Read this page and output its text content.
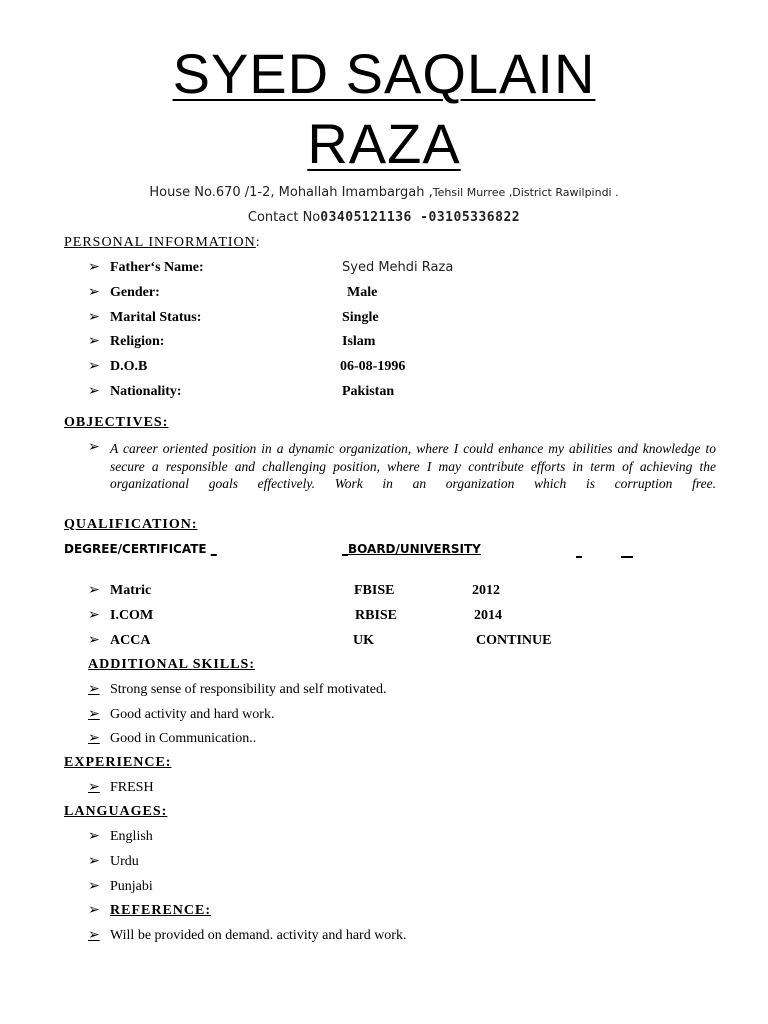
SYED SAQLAIN
RAZA
House No.670 /1-2, Mohallah Imambargah ,Tehsil Murree ,District Rawilpindi .
Contact No03405121136 -03105336822
PERSONAL INFORMATION:
➢ Father‘s Name:	Syed Mehdi Raza
➢ Gender:	Male
➢ Marital Status:	Single
➢ Religion:	Islam
➢ D.O.B	06-08-1996
➢ Nationality:	Pakistan
OBJECTIVES:
➢ A career oriented position in a dynamic organization, where I could enhance my abilities and knowledge to secure a responsible and challenging position, where I may contribute efforts in term of achieving the organizational goals effectively. Work in an organization which is corruption free.
QUALIFICATION:
DEGREE/CERTIFICATE _	_BOARD/UNIVERSITY	_	__
➢ Matric	FBISE	2012
➢ I.COM	RBISE	2014
➢ ACCA	UK	CONTINUE
ADDITIONAL SKILLS:
➢ Strong sense of responsibility and self motivated.
➢ Good activity and hard work.
➢ Good in Communication..
EXPERIENCE:
➢ FRESH
LANGUAGES:
➢ English
➢ Urdu
➢ Punjabi
➢ REFERENCE:
➢ Will be provided on demand. activity and hard work.
